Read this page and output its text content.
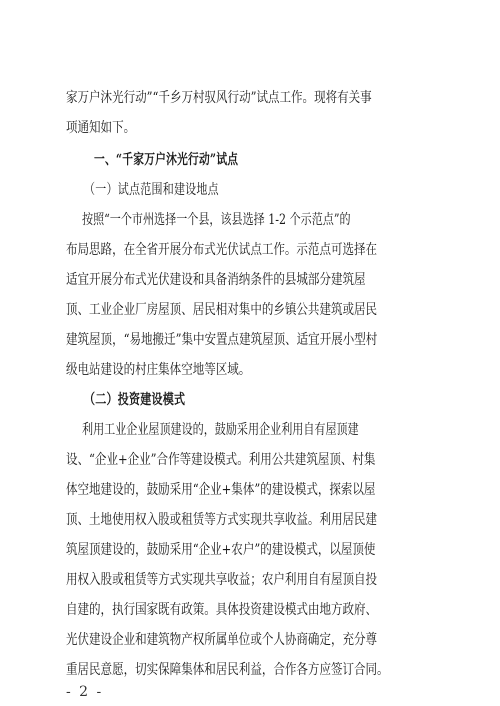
家万户沐光行动”“千乡万村驭风行动”试点工作。现将有关事
项通知如下。
一、“千家万户沐光行动”试点
（一）试点范围和建设地点
按照“一个市州选择一个县，该县选择 1-2 个示范点”的
布局思路，在全省开展分布式光伏试点工作。示范点可选择在
适宜开展分布式光伏建设和具备消纳条件的县城部分建筑屋
顶、工业企业厂房屋顶、居民相对集中的乡镇公共建筑或居民
建筑屋顶，“易地搬迁”集中安置点建筑屋顶、适宜开展小型村
级电站建设的村庄集体空地等区域。
（二）投资建设模式
利用工业企业屋顶建设的，鼓励采用企业利用自有屋顶建
设、“企业+企业”合作等建设模式。利用公共建筑屋顶、村集
体空地建设的，鼓励采用“企业+集体”的建设模式，探索以屋
顶、土地使用权入股或租赁等方式实现共享收益。利用居民建
筑屋顶建设的，鼓励采用“企业+农户”的建设模式，以屋顶使
用权入股或租赁等方式实现共享收益；农户利用自有屋顶自投
自建的，执行国家既有政策。具体投资建设模式由地方政府、
光伏建设企业和建筑物产权所属单位或个人协商确定，充分尊
重居民意愿，切实保障集体和居民利益，合作各方应签订合同。
- 2 -
